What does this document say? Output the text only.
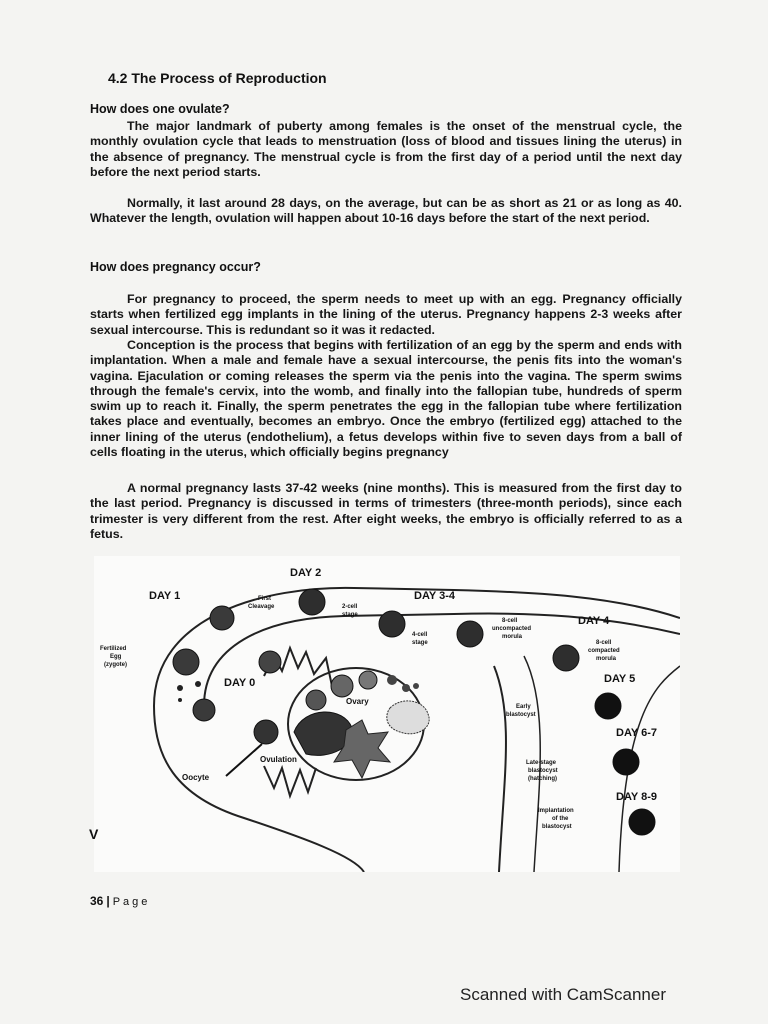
4.2 The Process of Reproduction
How does one ovulate?
The major landmark of puberty among females is the onset of the menstrual cycle, the monthly ovulation cycle that leads to menstruation (loss of blood and tissues lining the uterus) in the absence of pregnancy. The menstrual cycle is from the first day of a period until the next day before the next period starts.
Normally, it last around 28 days, on the average, but can be as short as 21 or as long as 40. Whatever the length, ovulation will happen about 10-16 days before the start of the next period.
How does pregnancy occur?
For pregnancy to proceed, the sperm needs to meet up with an egg. Pregnancy officially starts when fertilized egg implants in the lining of the uterus. Pregnancy happens 2-3 weeks after sexual intercourse. This is redundant so it was it redacted.
Conception is the process that begins with fertilization of an egg by the sperm and ends with implantation. When a male and female have a sexual intercourse, the penis fits into the woman's vagina. Ejaculation or coming releases the sperm via the penis into the vagina. The sperm swims through the female's cervix, into the womb, and finally into the fallopian tube, hundreds of sperm swim up to reach it. Finally, the sperm penetrates the egg in the fallopian tube where fertilization takes place and eventually, becomes an embryo. Once the embryo (fertilized egg) attached to the inner lining of the uterus (endothelium), a fetus develops within five to seven days from a ball of cells floating in the uterus, which officially begins pregnancy
A normal pregnancy lasts 37-42 weeks (nine months). This is measured from the first day to the last period. Pregnancy is discussed in terms of trimesters (three-month periods), since each trimester is very different from the rest. After eight weeks, the embryo is officially referred to as a fetus.
DAY 2
DAY 1	DAY 3-4
DAY 4
DAY 0	DAY 5
DAY 6-7
DAY 8-9
First
Cleavage	2-cell
stage
4-cell
stage
8-cell
uncompacted
morula
8-cell
compacted
morula
Fertilized
Egg
(zygote)
Ovary
Early
blastocyst
Late-stage
blastocyst
(hatching)
Implantation
of the
blastocyst
Ovulation
Oocyte
V
36 | Page
Scanned with CamScanner
